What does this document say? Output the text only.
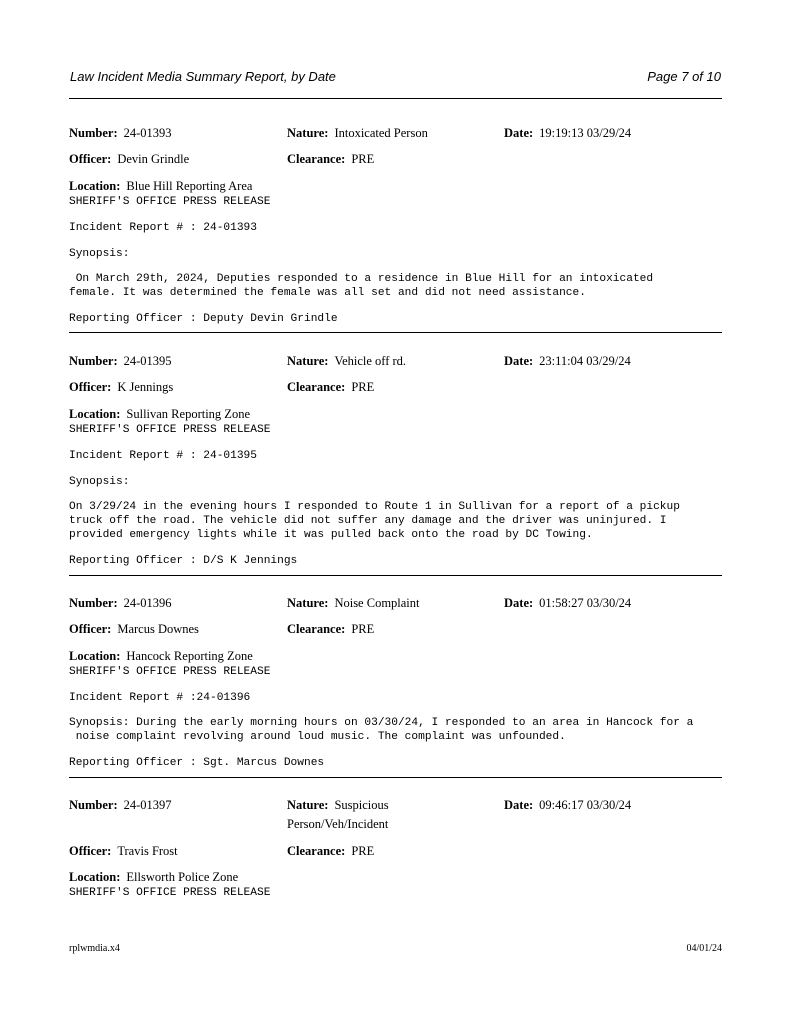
Law Incident Media Summary Report, by Date	Page 7 of 10
Number: 24-01393	Nature: Intoxicated Person	Date: 19:19:13 03/29/24
Officer: Devin Grindle	Clearance: PRE
Location: Blue Hill Reporting Area
SHERIFF'S OFFICE PRESS RELEASE
Incident Report # : 24-01393
Synopsis:
On March 29th, 2024, Deputies responded to a residence in Blue Hill for an intoxicated
female. It was determined the female was all set and did not need assistance.
Reporting Officer : Deputy Devin Grindle
Number: 24-01395	Nature: Vehicle off rd.	Date: 23:11:04 03/29/24
Officer: K Jennings	Clearance: PRE
Location: Sullivan Reporting Zone
SHERIFF'S OFFICE PRESS RELEASE
Incident Report # : 24-01395
Synopsis:
On 3/29/24 in the evening hours I responded to Route 1 in Sullivan for a report of a pickup
truck off the road. The vehicle did not suffer any damage and the driver was uninjured. I
provided emergency lights while it was pulled back onto the road by DC Towing.
Reporting Officer : D/S K Jennings
Number: 24-01396	Nature: Noise Complaint	Date: 01:58:27 03/30/24
Officer: Marcus Downes	Clearance: PRE
Location: Hancock Reporting Zone
SHERIFF'S OFFICE PRESS RELEASE
Incident Report # :24-01396
Synopsis: During the early morning hours on 03/30/24, I responded to an area in Hancock for a
noise complaint revolving around loud music. The complaint was unfounded.
Reporting Officer : Sgt. Marcus Downes
Number: 24-01397	Nature: Suspicious
Person/Veh/Incident
Date: 09:46:17 03/30/24
Officer: Travis Frost	Clearance: PRE
Location: Ellsworth Police Zone
SHERIFF'S OFFICE PRESS RELEASE
rplwmdia.x4	04/01/24
